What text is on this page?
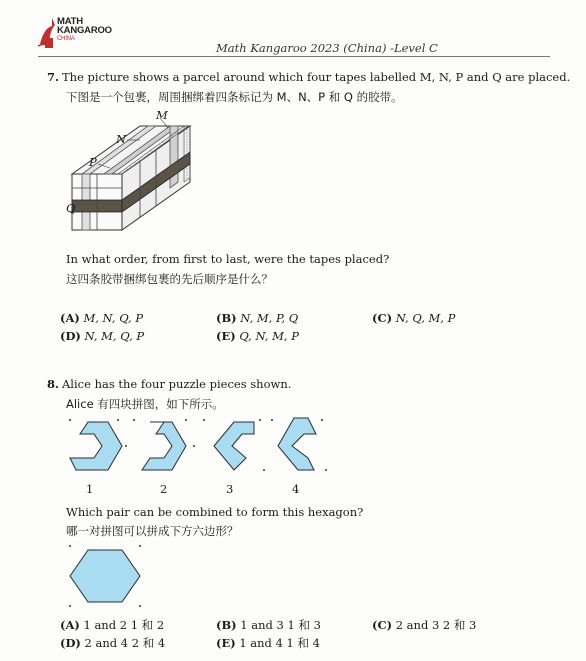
MATH
KANGAROO
CHINA
Math Kangaroo 2023 (China) -Level C
7. The picture shows a parcel around which four tapes labelled M, N, P and Q are placed.
下图是一个包裹，周围捆绑着四条标记为 M、N、P 和 Q 的胶带。
M
N
P
Q
In what order, from first to last, were the tapes placed?
这四条胶带捆绑包裹的先后顺序是什么？
(A) M, N, Q, P	(B) N, M, P, Q	(C) N, Q, M, P
(D) N, M, Q, P	(E) Q, N, M, P
8. Alice has the four puzzle pieces shown.
Alice 有四块拼图，如下所示。
1	2	3	4
Which pair can be combined to form this hexagon?
哪一对拼图可以拼成下方六边形？
(A) 1 and 2 1 和 2	(B) 1 and 3 1 和 3	(C) 2 and 3 2 和 3
(D) 2 and 4 2 和 4	(E) 1 and 4 1 和 4
